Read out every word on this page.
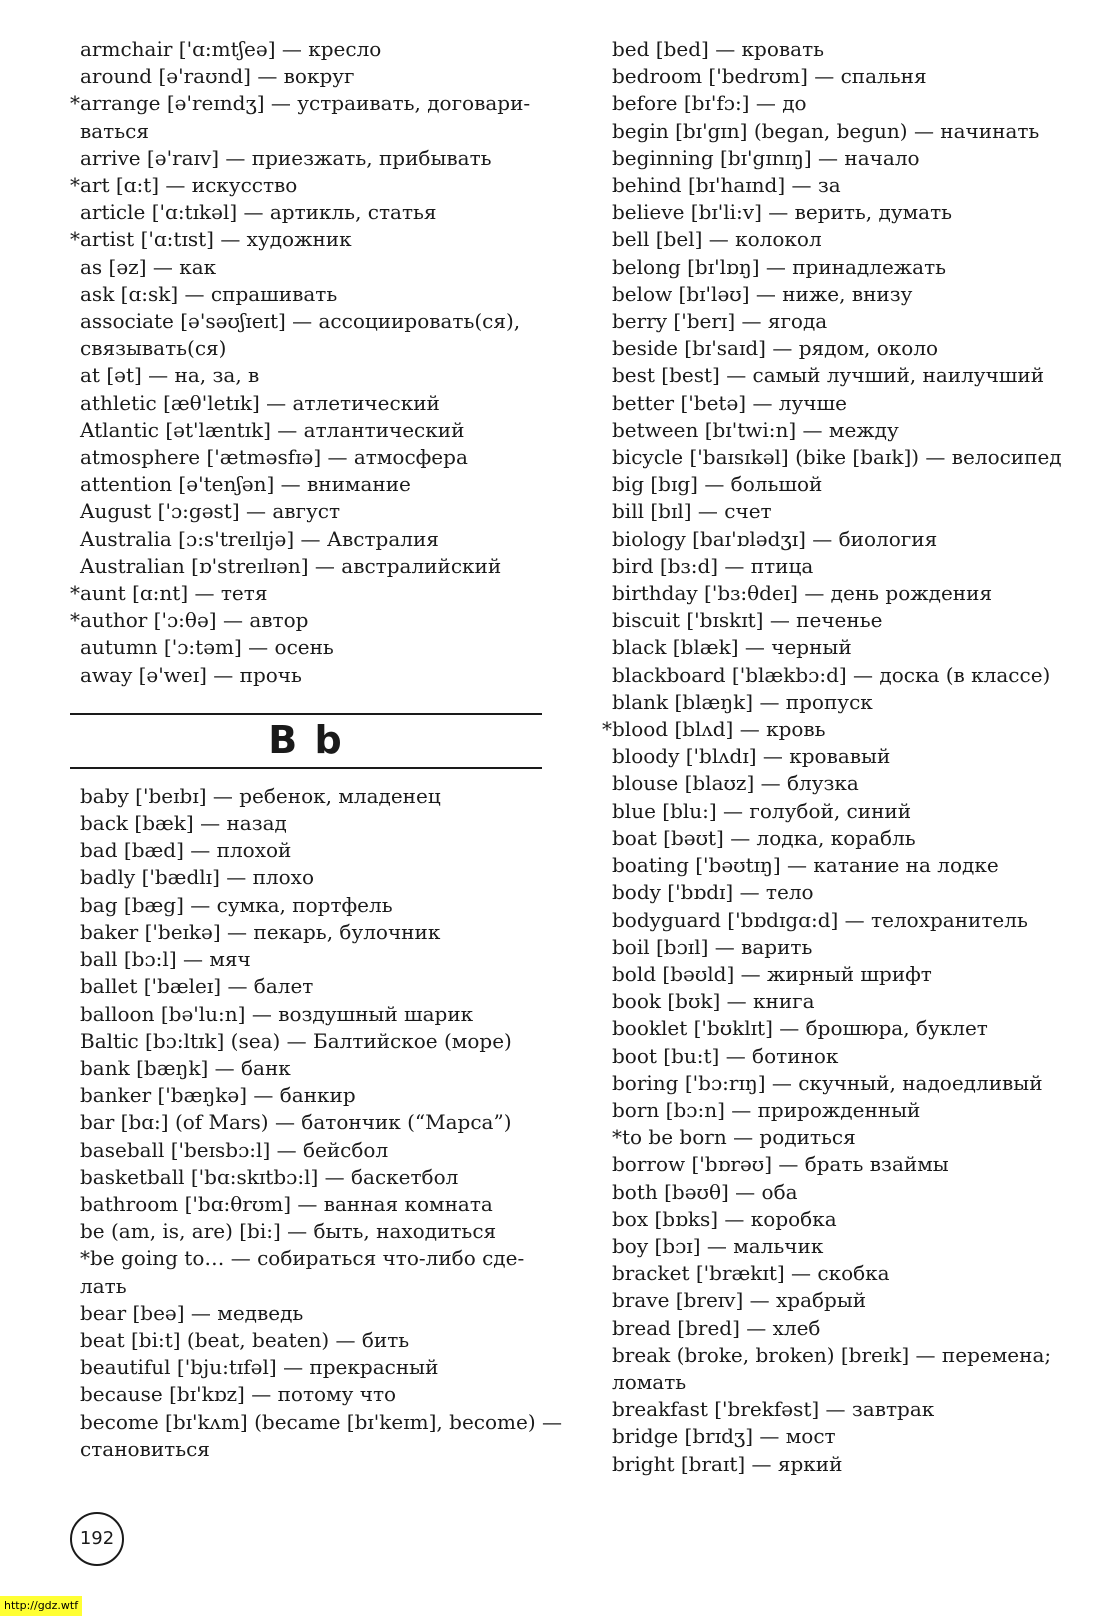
armchair ['ɑ:mtʃeə] — кресло
around [ə'raʊnd] — вокруг
*arrange [ə'reɪndʒ] — устраивать, договари-
ваться
arrive [ə'raɪv] — приезжать, прибывать
*art [ɑ:t] — искусство
article ['ɑ:tɪkəl] — артикль, статья
*artist ['ɑ:tɪst] — художник
as [əz] — как
ask [ɑ:sk] — спрашивать
associate [ə'səʊʃɪeɪt] — ассоциировать(ся),
связывать(ся)
at [ət] — на, за, в
athletic [æθ'letɪk] — атлетический
Atlantic [ət'læntɪk] — атлантический
atmosphere ['ætməsfɪə] — атмосфера
attention [ə'tenʃən] — внимание
August ['ɔ:gəst] — август
Australia [ɔ:s'treɪlɪjə] — Австралия
Australian [ɒ'streɪlɪən] — австралийский
*aunt [ɑ:nt] — тетя
*author ['ɔ:θə] — автор
autumn ['ɔ:təm] — осень
away [ə'weɪ] — прочь
B b
baby ['beɪbɪ] — ребенок, младенец
back [bæk] — назад
bad [bæd] — плохой
badly ['bædlɪ] — плохо
bag [bæg] — сумка, портфель
baker ['beɪkə] — пекарь, булочник
ball [bɔ:l] — мяч
ballet ['bæleɪ] — балет
balloon [bə'lu:n] — воздушный шарик
Baltic [bɔ:ltɪk] (sea) — Балтийское (море)
bank [bæŋk] — банк
banker ['bæŋkə] — банкир
bar [bɑ:] (of Mars) — батончик (“Марса”)
baseball ['beɪsbɔ:l] — бейсбол
basketball ['bɑ:skɪtbɔ:l] — баскетбол
bathroom ['bɑ:θrʊm] — ванная комната
be (am, is, are) [bi:] — быть, находиться
*be going to… — собираться что-либо сде-
лать
bear [beə] — медведь
beat [bi:t] (beat, beaten) — бить
beautiful ['bju:tɪfəl] — прекрасный
because [bɪ'kɒz] — потому что
become [bɪ'kʌm] (became [bɪ'keɪm], become) —
становиться
bed [bed] — кровать
bedroom ['bedrʊm] — спальня
before [bɪ'fɔ:] — до
begin [bɪ'gɪn] (began, begun) — начинать
beginning [bɪ'gɪnɪŋ] — начало
behind [bɪ'haɪnd] — за
believe [bɪ'li:v] — верить, думать
bell [bel] — колокол
belong [bɪ'lɒŋ] — принадлежать
below [bɪ'ləʊ] — ниже, внизу
berry ['berɪ] — ягода
beside [bɪ'saɪd] — рядом, около
best [best] — самый лучший, наилучший
better ['betə] — лучше
between [bɪ'twi:n] — между
bicycle ['baɪsɪkəl] (bike [baɪk]) — велосипед
big [bɪg] — большой
bill [bɪl] — счет
biology [baɪ'ɒlədʒɪ] — биология
bird [bɜ:d] — птица
birthday ['bɜ:θdeɪ] — день рождения
biscuit ['bɪskɪt] — печенье
black [blæk] — черный
blackboard ['blækbɔ:d] — доска (в классе)
blank [blæŋk] — пропуск
*blood [blʌd] — кровь
bloody ['blʌdɪ] — кровавый
blouse [blaʊz] — блузка
blue [blu:] — голубой, синий
boat [bəʊt] — лодка, корабль
boating ['bəʊtɪŋ] — катание на лодке
body ['bɒdɪ] — тело
bodyguard ['bɒdɪgɑ:d] — телохранитель
boil [bɔɪl] — варить
bold [bəʊld] — жирный шрифт
book [bʊk] — книга
booklet ['bʊklɪt] — брошюра, буклет
boot [bu:t] — ботинок
boring ['bɔ:rɪŋ] — скучный, надоедливый
born [bɔ:n] — прирожденный
*to be born — родиться
borrow ['bɒrəʊ] — брать взаймы
both [bəʊθ] — оба
box [bɒks] — коробка
boy [bɔɪ] — мальчик
bracket ['brækɪt] — скобка
brave [breɪv] — храбрый
bread [bred] — хлеб
break (broke, broken) [breɪk] — перемена;
ломать
breakfast ['brekfəst] — завтрак
bridge [brɪdʒ] — мост
bright [braɪt] — яркий
192
http://gdz.wtf
